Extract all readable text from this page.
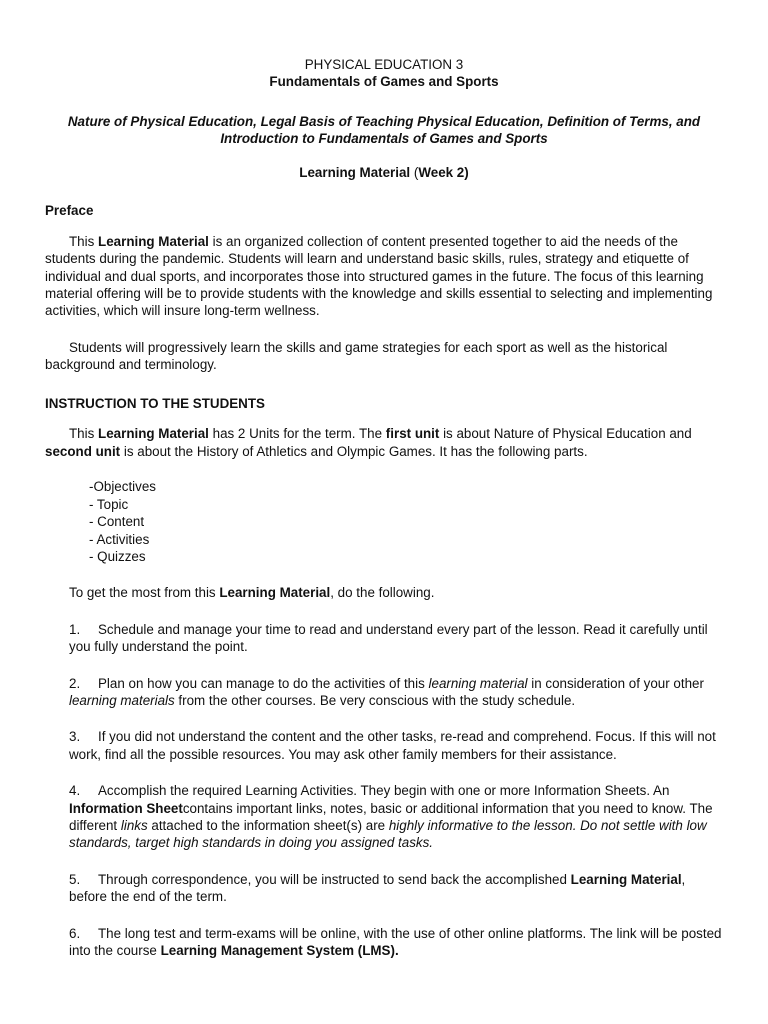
PHYSICAL EDUCATION 3

Fundamentals of Games and Sports

Nature of Physical Education, Legal Basis of Teaching Physical Education, Definition of Terms, and Introduction to Fundamentals of Games and Sports

Learning Material (Week 2)

Preface

This Learning Material is an organized collection of content presented together to aid the needs of the students during the pandemic. Students will learn and understand basic skills, rules, strategy and etiquette of individual and dual sports, and incorporates those into structured games in the future. The focus of this learning material offering will be to provide students with the knowledge and skills essential to selecting and implementing activities, which will insure long-term wellness.

Students will progressively learn the skills and game strategies for each sport as well as the historical background and terminology.

INSTRUCTION TO THE STUDENTS

This Learning Material has 2 Units for the term. The first unit is about Nature of Physical Education and second unit is about the History of Athletics and Olympic Games. It has the following parts.

-Objectives
- Topic
- Content
- Activities
- Quizzes

To get the most from this Learning Material, do the following.

1. Schedule and manage your time to read and understand every part of the lesson. Read it carefully until you fully understand the point.

2. Plan on how you can manage to do the activities of this learning material in consideration of your other learning materials from the other courses. Be very conscious with the study schedule.

3. If you did not understand the content and the other tasks, re-read and comprehend. Focus. If this will not work, find all the possible resources. You may ask other family members for their assistance.

4. Accomplish the required Learning Activities. They begin with one or more Information Sheets. An Information Sheetcontains important links, notes, basic or additional information that you need to know. The different links attached to the information sheet(s) are highly informative to the lesson. Do not settle with low standards, target high standards in doing you assigned tasks.

5. Through correspondence, you will be instructed to send back the accomplished Learning Material, before the end of the term.

6. The long test and term-exams will be online, with the use of other online platforms. The link will be posted into the course Learning Management System (LMS).
